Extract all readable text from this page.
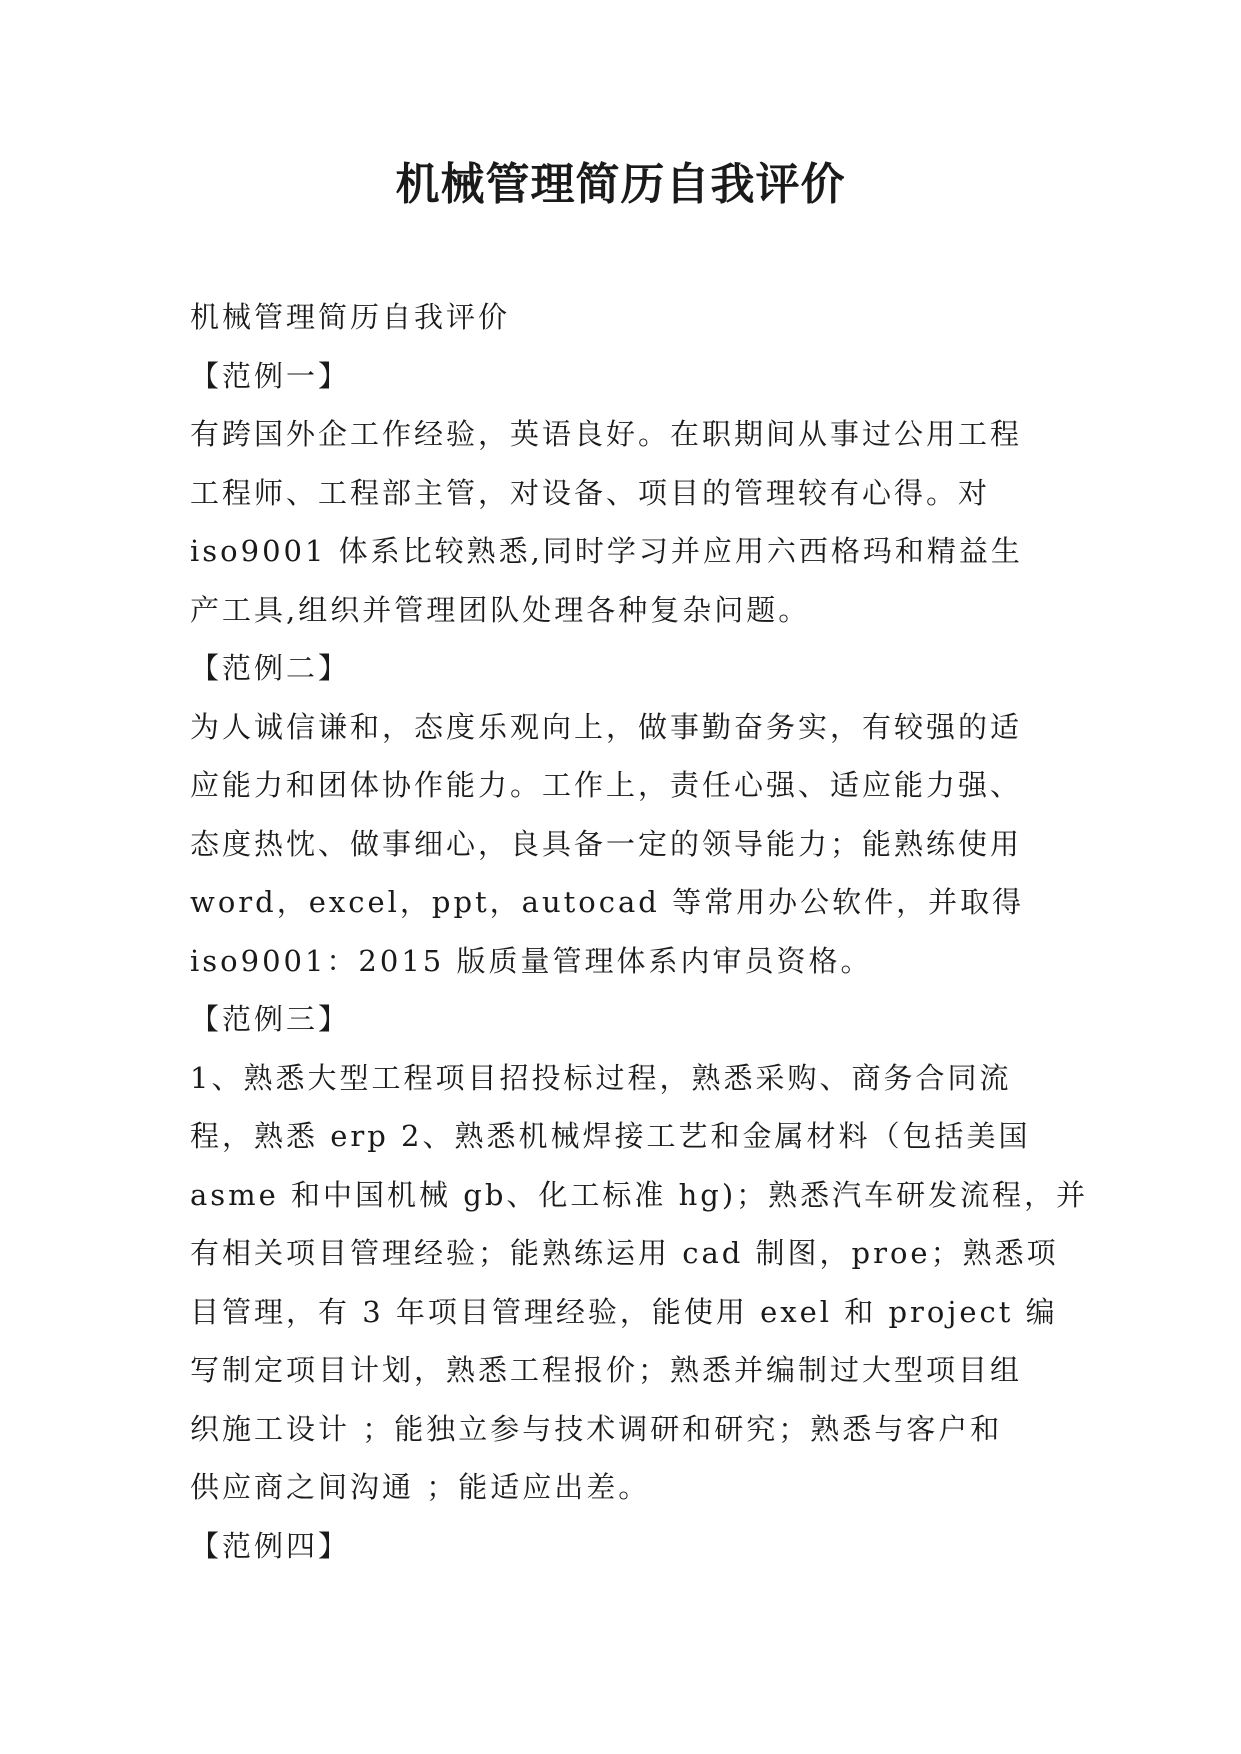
机械管理简历自我评价
机械管理简历自我评价
【范例一】
有跨国外企工作经验，英语良好。在职期间从事过公用工程
工程师、工程部主管，对设备、项目的管理较有心得。对
iso9001 体系比较熟悉,同时学习并应用六西格玛和精益生
产工具,组织并管理团队处理各种复杂问题。
【范例二】
为人诚信谦和，态度乐观向上，做事勤奋务实，有较强的适
应能力和团体协作能力。工作上，责任心强、适应能力强、
态度热忱、做事细心，良具备一定的领导能力；能熟练使用
word，excel，ppt，autocad 等常用办公软件，并取得
iso9001：2015 版质量管理体系内审员资格。
【范例三】
1、熟悉大型工程项目招投标过程，熟悉采购、商务合同流
程，熟悉 erp 2、熟悉机械焊接工艺和金属材料（包括美国
asme 和中国机械 gb、化工标准 hg)；熟悉汽车研发流程，并
有相关项目管理经验；能熟练运用 cad 制图，proe；熟悉项
目管理，有 3 年项目管理经验，能使用 exel 和 project 编
写制定项目计划，熟悉工程报价；熟悉并编制过大型项目组
织施工设计 ；能独立参与技术调研和研究；熟悉与客户和
供应商之间沟通 ；能适应出差。
【范例四】
